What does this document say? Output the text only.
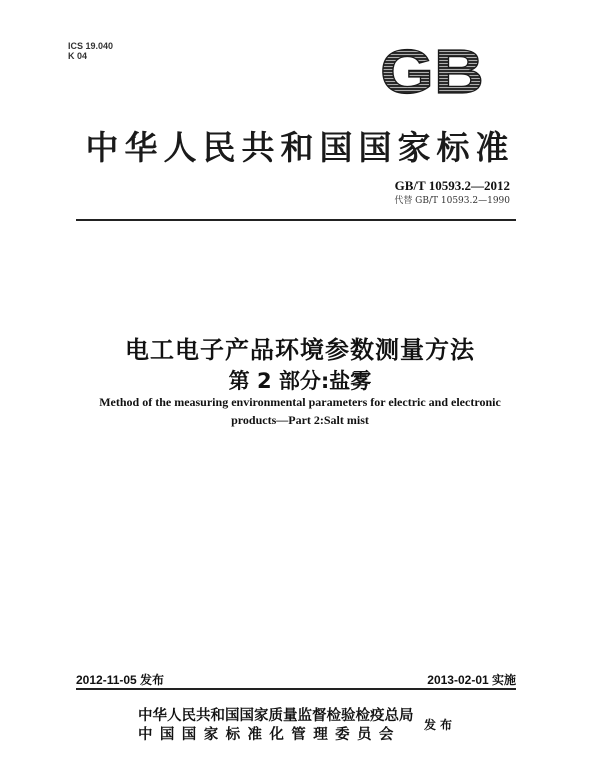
ICS 19.040
K 04	GB
中华人民共和国国家标准
GB/T 10593.2—2012
代替 GB/T 10593.2—1990
电工电子产品环境参数测量方法
第 2 部分:盐雾
Method of the measuring environmental parameters for electric and electronic
products—Part 2:Salt mist
2012-11-05 发布	2013-02-01 实施
中华人民共和国国家质量监督检验检疫总局
中国国家标准化管理委员会
发布
